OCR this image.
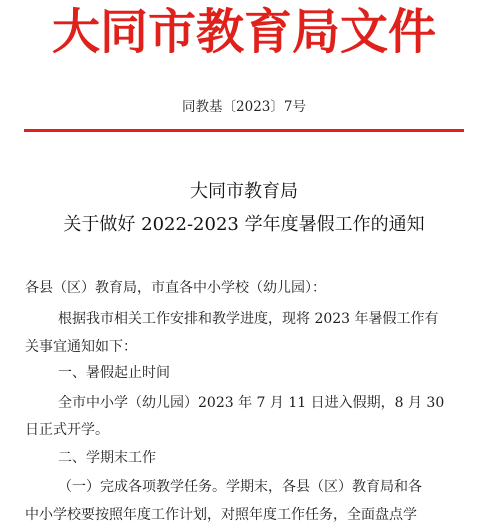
大同市教育局文件
同教基〔2023〕7号
大同市教育局
关于做好 2022-2023 学年度暑假工作的通知
各县（区）教育局，市直各中小学校（幼儿园）：
根据我市相关工作安排和教学进度，现将 2023 年暑假工作有
关事宜通知如下：
一、暑假起止时间
全市中小学（幼儿园）2023 年 7 月 11 日进入假期，8 月 30
日正式开学。
二、学期末工作
（一）完成各项教学任务。学期末，各县（区）教育局和各
中小学校要按照年度工作计划，对照年度工作任务，全面盘点学
